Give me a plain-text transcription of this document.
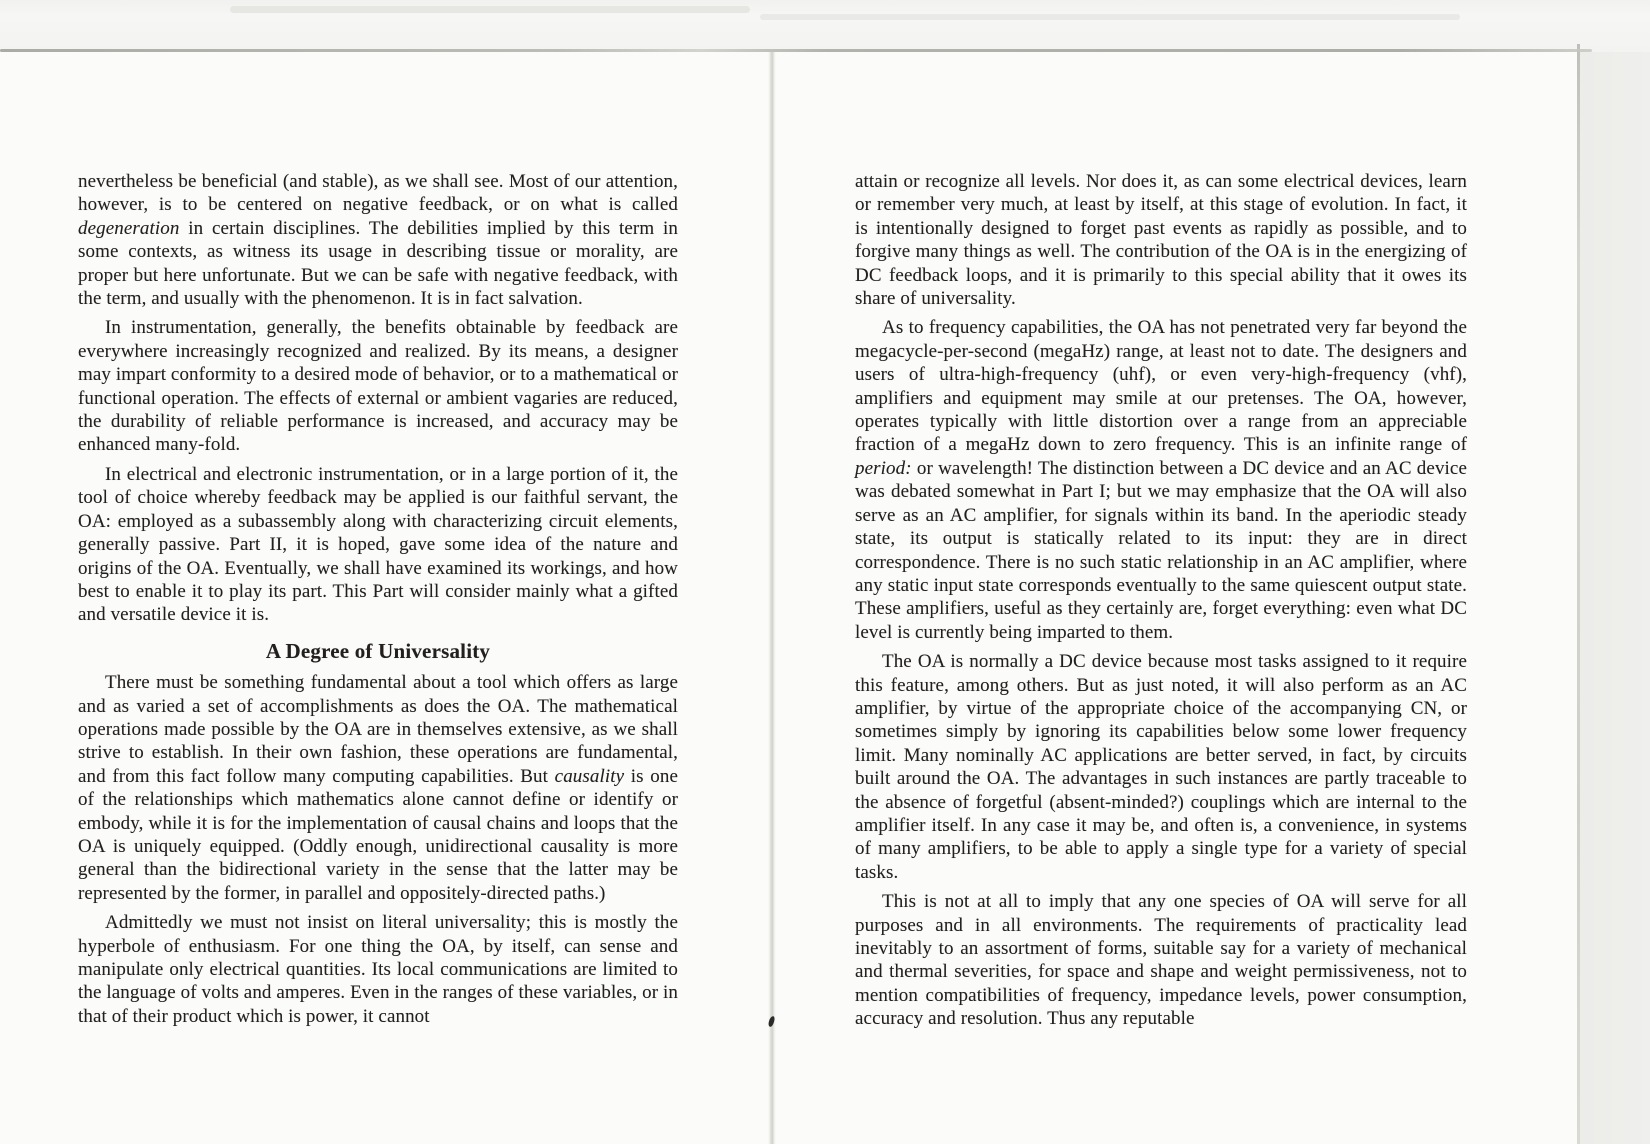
nevertheless be beneficial (and stable), as we shall see. Most of our attention, however, is to be centered on negative feedback, or on what is called degeneration in certain disciplines. The debilities implied by this term in some contexts, as witness its usage in describing tissue or morality, are proper but here unfortunate. But we can be safe with negative feedback, with the term, and usually with the phenomenon. It is in fact salvation.

In instrumentation, generally, the benefits obtainable by feedback are everywhere increasingly recognized and realized. By its means, a designer may impart conformity to a desired mode of behavior, or to a mathematical or functional operation. The effects of external or ambient vagaries are reduced, the durability of reliable performance is increased, and accuracy may be enhanced many-fold.

In electrical and electronic instrumentation, or in a large portion of it, the tool of choice whereby feedback may be applied is our faithful servant, the OA: employed as a subassembly along with characterizing circuit elements, generally passive. Part II, it is hoped, gave some idea of the nature and origins of the OA. Eventually, we shall have examined its workings, and how best to enable it to play its part. This Part will consider mainly what a gifted and versatile device it is.

A Degree of Universality

There must be something fundamental about a tool which offers as large and as varied a set of accomplishments as does the OA. The mathematical operations made possible by the OA are in themselves extensive, as we shall strive to establish. In their own fashion, these operations are fundamental, and from this fact follow many computing capabilities. But causality is one of the relationships which mathematics alone cannot define or identify or embody, while it is for the implementation of causal chains and loops that the OA is uniquely equipped. (Oddly enough, unidirectional causality is more general than the bidirectional variety in the sense that the latter may be represented by the former, in parallel and oppositely-directed paths.)

Admittedly we must not insist on literal universality; this is mostly the hyperbole of enthusiasm. For one thing the OA, by itself, can sense and manipulate only electrical quantities. Its local communications are limited to the language of volts and amperes. Even in the ranges of these variables, or in that of their product which is power, it cannot

attain or recognize all levels. Nor does it, as can some electrical devices, learn or remember very much, at least by itself, at this stage of evolution. In fact, it is intentionally designed to forget past events as rapidly as possible, and to forgive many things as well. The contribution of the OA is in the energizing of DC feedback loops, and it is primarily to this special ability that it owes its share of universality.

As to frequency capabilities, the OA has not penetrated very far beyond the megacycle-per-second (megaHz) range, at least not to date. The designers and users of ultra-high-frequency (uhf), or even very-high-frequency (vhf), amplifiers and equipment may smile at our pretenses. The OA, however, operates typically with little distortion over a range from an appreciable fraction of a megaHz down to zero frequency. This is an infinite range of period: or wavelength! The distinction between a DC device and an AC device was debated somewhat in Part I; but we may emphasize that the OA will also serve as an AC amplifier, for signals within its band. In the aperiodic steady state, its output is statically related to its input: they are in direct correspondence. There is no such static relationship in an AC amplifier, where any static input state corresponds eventually to the same quiescent output state. These amplifiers, useful as they certainly are, forget everything: even what DC level is currently being imparted to them.

The OA is normally a DC device because most tasks assigned to it require this feature, among others. But as just noted, it will also perform as an AC amplifier, by virtue of the appropriate choice of the accompanying CN, or sometimes simply by ignoring its capabilities below some lower frequency limit. Many nominally AC applications are better served, in fact, by circuits built around the OA. The advantages in such instances are partly traceable to the absence of forgetful (absent-minded?) couplings which are internal to the amplifier itself. In any case it may be, and often is, a convenience, in systems of many amplifiers, to be able to apply a single type for a variety of special tasks.

This is not at all to imply that any one species of OA will serve for all purposes and in all environments. The requirements of practicality lead inevitably to an assortment of forms, suitable say for a variety of mechanical and thermal severities, for space and shape and weight permissiveness, not to mention compatibilities of frequency, impedance levels, power consumption, accuracy and resolution. Thus any reputable
